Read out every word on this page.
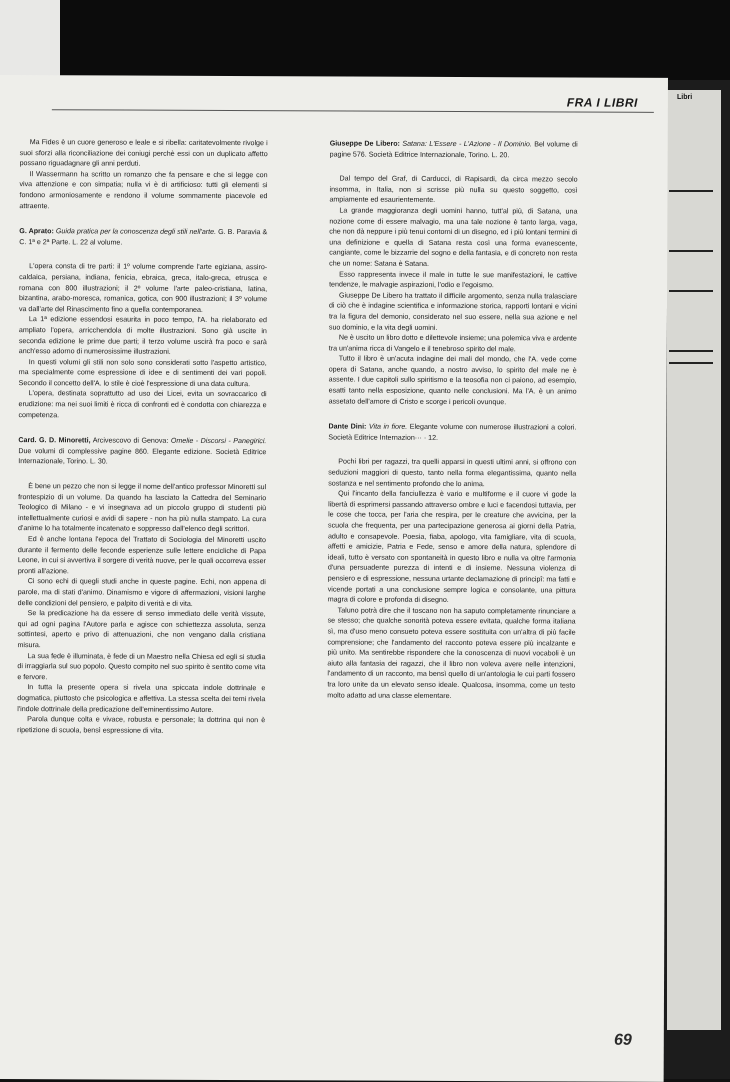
Libri
FRA I LIBRI

Ma Fides è un cuore generoso e leale e si ribella: caritatevolmente rivolge i suoi sforzi alla riconciliazione dei coniugi perchè essi con un duplicato affetto possano riguadagnare gli anni perduti.

Il Wassermann ha scritto un romanzo che fa pensare e che si legge con viva attenzione e con simpatia; nulla vi è di artificioso: tutti gli elementi si fondono armoniosamente e rendono il volume sommamente piacevole ed attraente.

G. Aprato: Guida pratica per la conoscenza degli stili nell'arte. G. B. Paravia & C. 1ª e 2ª Parte. L. 22 al volume.

L'opera consta di tre parti: il 1º volume comprende l'arte egiziana, assiro-caldaica, persiana, indiana, fenicia, ebraica, greca, italo-greca, etrusca e romana con 800 illustrazioni; il 2º volume l'arte paleo-cristiana, latina, bizantina, arabo-moresca, romanica, gotica, con 900 illustrazioni; il 3º volume va dall'arte del Rinascimento fino a quella contemporanea.

La 1ª edizione essendosi esaurita in poco tempo, l'A. ha rielaborato ed ampliato l'opera, arricchendola di molte illustrazioni. Sono già uscite in seconda edizione le prime due parti; il terzo volume uscirà fra poco e sarà anch'esso adorno di numerosissime illustrazioni.

In questi volumi gli stili non solo sono considerati sotto l'aspetto artistico, ma specialmente come espressione di idee e di sentimenti dei vari popoli. Secondo il concetto dell'A. lo stile è cioè l'espressione di una data cultura.

L'opera, destinata soprattutto ad uso dei Licei, evita un sovraccarico di erudizione: ma nei suoi limiti è ricca di confronti ed è condotta con chiarezza e competenza.

Card. G. D. Minoretti, Arcivescovo di Genova: Omelie - Discorsi - Panegirici. Due volumi di complessive pagine 860. Elegante edizione. Società Editrice Internazionale, Torino. L. 30.

È bene un pezzo che non si legge il nome dell'antico professor Minoretti sul frontespizio di un volume. Da quando ha lasciato la Cattedra del Seminario Teologico di Milano - e vi insegnava ad un piccolo gruppo di studenti più intellettualmente curiosi e avidi di sapere - non ha più nulla stampato. La cura d'anime lo ha totalmente incatenato e soppresso dall'elenco degli scrittori.

Ed è anche lontana l'epoca del Trattato di Sociologia del Minoretti uscito durante il fermento delle feconde esperienze sulle lettere encicliche di Papa Leone, in cui si avvertiva il sorgere di verità nuove, per le quali occorreva esser pronti all'azione.

Ci sono echi di quegli studi anche in queste pagine. Echi, non appena di parole, ma di stati d'animo. Dinamismo e vigore di affermazioni, visioni larghe delle condizioni del pensiero, e palpito di verità e di vita.

Se la predicazione ha da essere di senso immediato delle verità vissute, qui ad ogni pagina l'Autore parla e agisce con schiettezza assoluta, senza sottintesi, aperto e privo di attenuazioni, che non vengano dalla cristiana misura.

La sua fede è illuminata, è fede di un Maestro nella Chiesa ed egli si studia di irraggiarla sul suo popolo. Questo compito nel suo spirito è sentito come vita e fervore.

In tutta la presente opera si rivela una spiccata indole dottrinale e dogmatica, piuttosto che psicologica e affettiva. La stessa scelta dei temi rivela l'indole dottrinale della predicazione dell'eminentissimo Autore.

Parola dunque colta e vivace, robusta e personale; la dottrina qui non è ripetizione di scuola, bensì espressione di vita.

Giuseppe De Libero: Satana: L'Essere - L'Azione - Il Dominio. Bel volume di pagine 576. Società Editrice Internazionale, Torino. L. 20.

Dal tempo del Graf, di Carducci, di Rapisardi, da circa mezzo secolo insomma, in Italia, non si scrisse più nulla su questo soggetto, così ampiamente ed esaurientemente.

La grande maggioranza degli uomini hanno, tutt'al più, di Satana, una nozione come di essere malvagio, ma una tale nozione è tanto larga, vaga, che non dà neppure i più tenui contorni di un disegno, ed i più lontani termini di una definizione e quella di Satana resta così una forma evanescente, cangiante, come le bizzarrie del sogno e della fantasia, e di concreto non resta che un nome: Satana è Satana.

Esso rappresenta invece il male in tutte le sue manifestazioni, le cattive tendenze, le malvagie aspirazioni, l'odio e l'egoismo.

Giuseppe De Libero ha trattato il difficile argomento, senza nulla tralasciare di ciò che è indagine scientifica e informazione storica, rapporti lontani e vicini tra la figura del demonio, considerato nel suo essere, nella sua azione e nel suo dominio, e la vita degli uomini.

Ne è uscito un libro dotto e dilettevole insieme; una polemica viva e ardente tra un'anima ricca di Vangelo e il tenebroso spirito del male.

Tutto il libro è un'acuta indagine dei mali del mondo, che l'A. vede come opera di Satana, anche quando, a nostro avviso, lo spirito del male ne è assente. I due capitoli sullo spiritismo e la teosofia non ci paiono, ad esempio, esatti tanto nella esposizione, quanto nelle conclusioni. Ma l'A. è un animo assetato dell'amore di Cristo e scorge i pericoli ovunque.

Dante Dini: Vita in fiore. Elegante volume con numerose illustrazioni a colori. Società Editrice Internazion··· · 12.

Pochi libri per ragazzi, tra quelli apparsi in questi ultimi anni, si offrono con seduzioni maggiori di questo, tanto nella forma elegantissima, quanto nella sostanza e nel sentimento profondo che lo anima.

Qui l'incanto della fanciullezza è vario e multiforme e il cuore vi gode la libertà di esprimersi passando attraverso ombre e luci e facendosi tuttavia, per le cose che tocca, per l'aria che respira, per le creature che avvicina, per la scuola che frequenta, per una partecipazione generosa ai giorni della Patria, adulto e consapevole. Poesia, fiaba, apologo, vita famigliare, vita di scuola, affetti e amicizie, Patria e Fede, senso e amore della natura, splendore di ideali, tutto è versato con spontaneità in questo libro e nulla va oltre l'armonia d'una persuadente purezza di intenti e di insieme. Nessuna violenza di pensiero e di espressione, nessuna urtante declamazione di principî: ma fatti e vicende portati a una conclusione sempre logica e consolante, una pittura magra di colore e profonda di disegno.

Taluno potrà dire che il toscano non ha saputo completamente rinunciare a se stesso; che qualche sonorità poteva essere evitata, qualche forma italiana sì, ma d'uso meno consueto poteva essere sostituita con un'altra di più facile comprensione; che l'andamento del racconto poteva essere più incalzante e più unito. Ma sentirebbe rispondere che la conoscenza di nuovi vocaboli è un aiuto alla fantasia dei ragazzi, che il libro non voleva avere nelle intenzioni, l'andamento di un racconto, ma bensì quello di un'antologia le cui parti fossero tra loro unite da un elevato senso ideale. Qualcosa, insomma, come un testo molto adatto ad una classe elementare.

69
